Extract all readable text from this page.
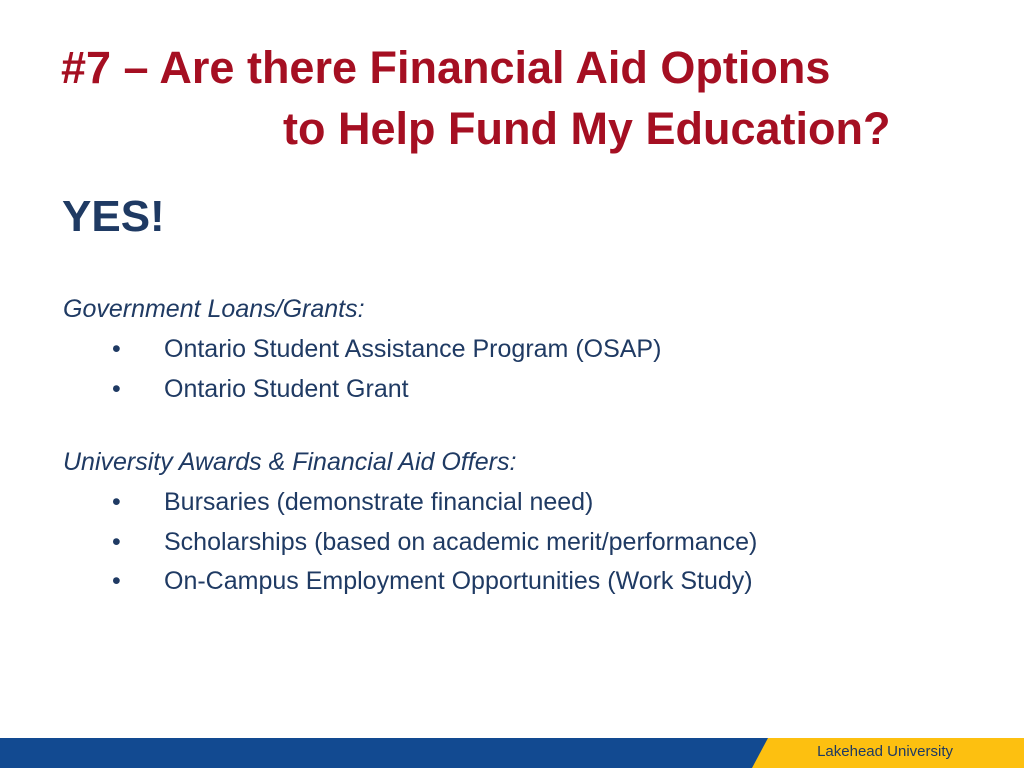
#7 – Are there Financial Aid Options
to Help Fund My Education?
YES!

Government Loans/Grants:

• Ontario Student Assistance Program (OSAP)
• Ontario Student Grant

University Awards & Financial Aid Offers:

• Bursaries (demonstrate financial need)
• Scholarships (based on academic merit/performance)
• On-Campus Employment Opportunities (Work Study)
Lakehead University
